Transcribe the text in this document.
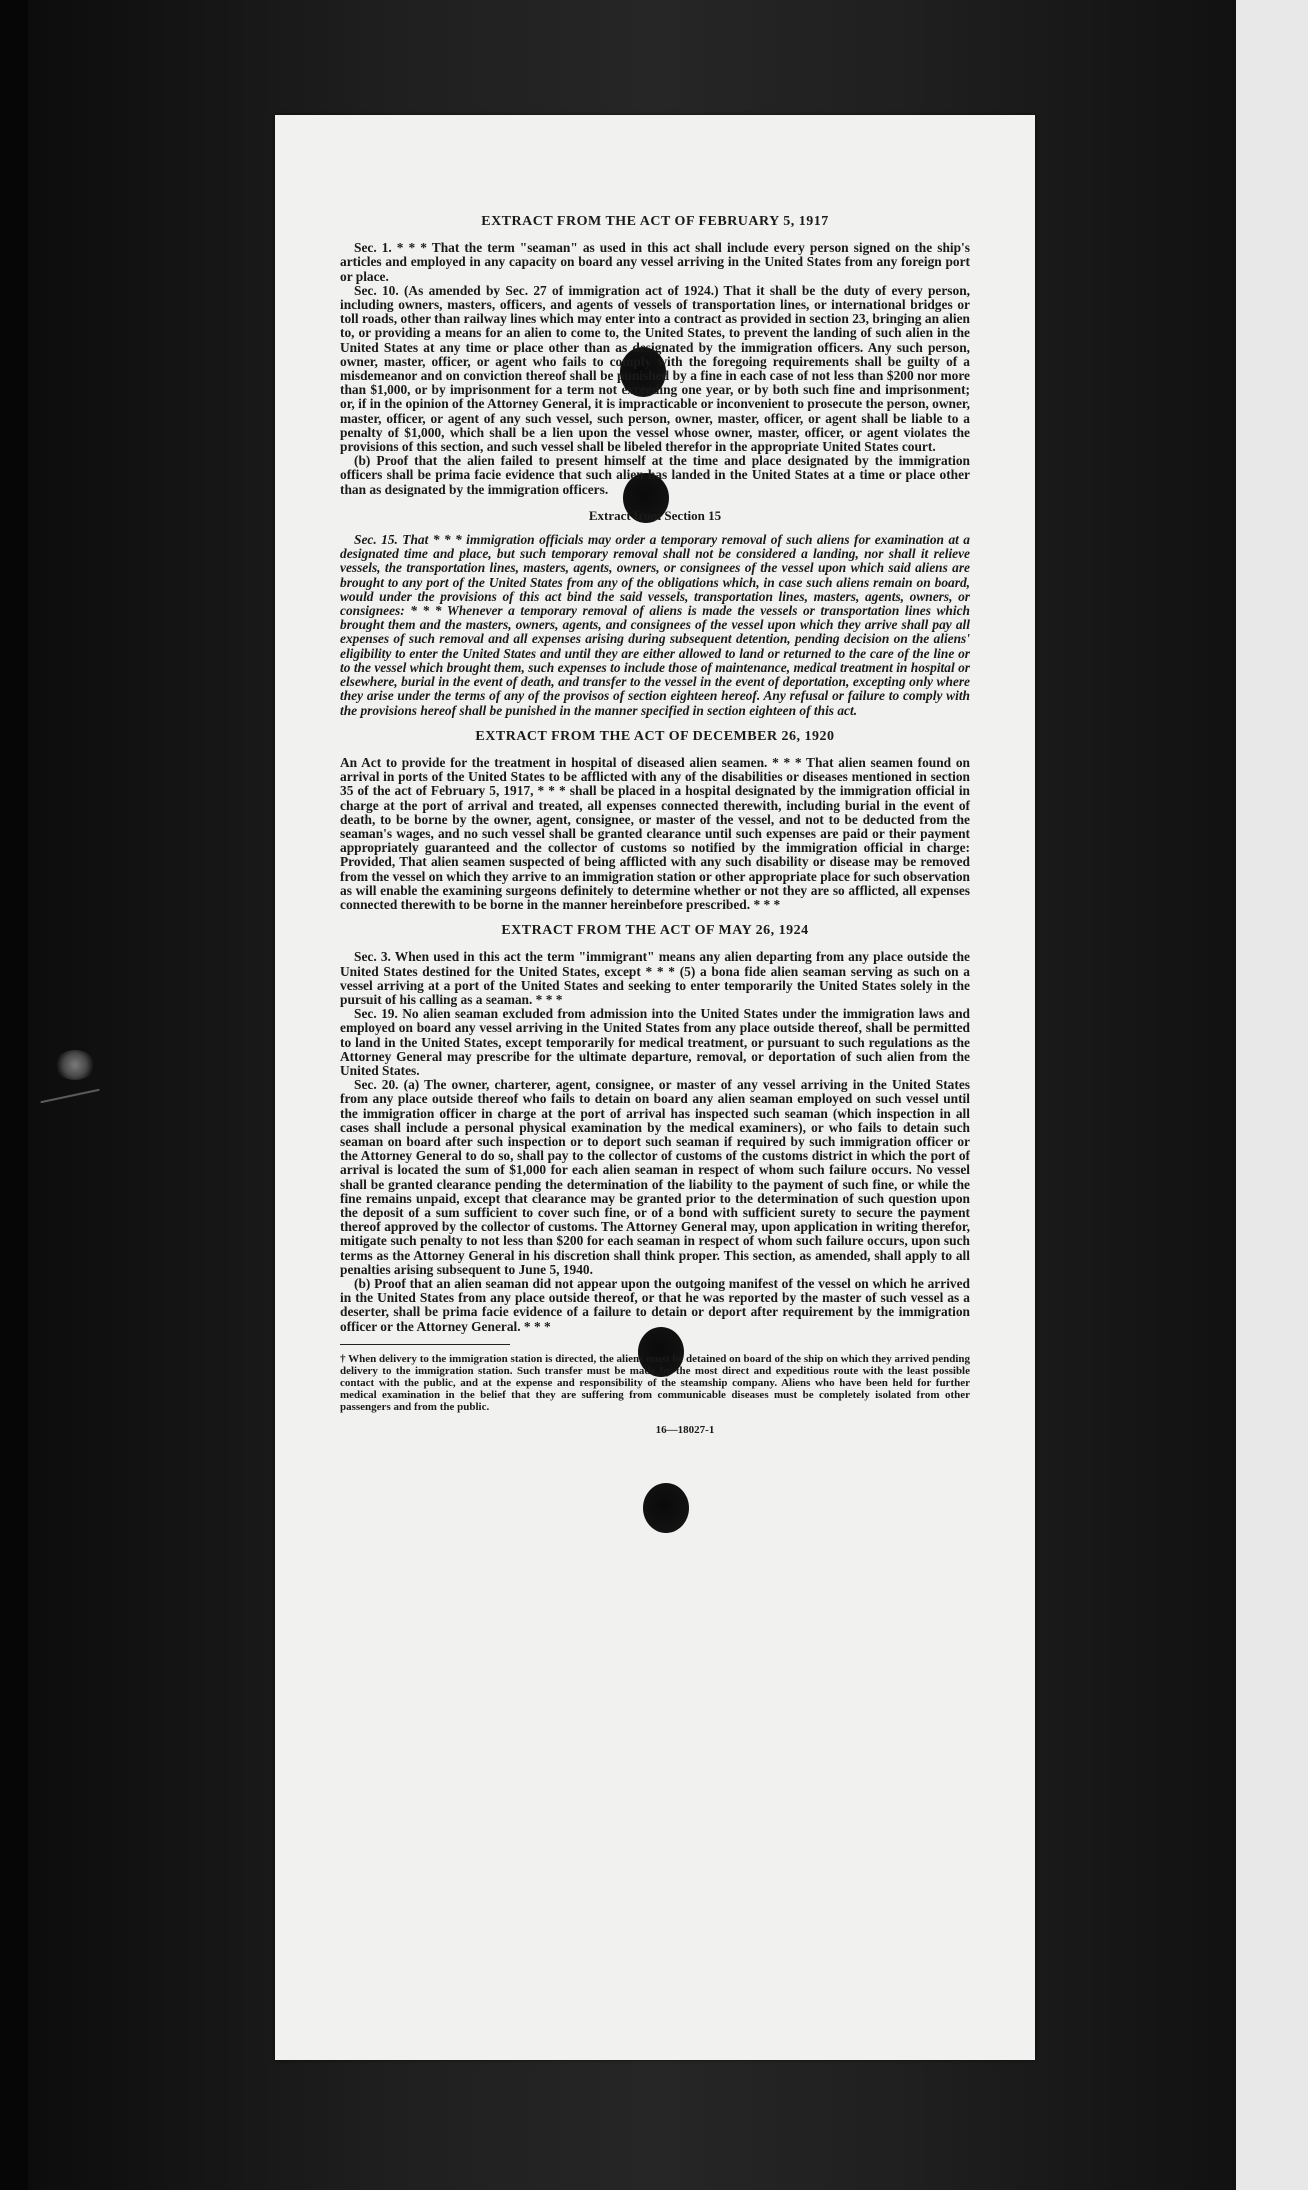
EXTRACT FROM THE ACT OF FEBRUARY 5, 1917

Sec. 1. * * * That the term "seaman" as used in this act shall include every person signed on the ship's articles and employed in any capacity on board any vessel arriving in the United States from any foreign port or place.

Sec. 10. (As amended by Sec. 27 of immigration act of 1924.) That it shall be the duty of every person, including owners, masters, officers, and agents of vessels of transportation lines, or international bridges or toll roads, other than railway lines which may enter into a contract as provided in section 23, bringing an alien to, or providing a means for an alien to come to, the United States, to prevent the landing of such alien in the United States at any time or place other than as designated by the immigration officers. Any such person, owner, master, officer, or agent who fails to comply with the foregoing requirements shall be guilty of a misdemeanor and on conviction thereof shall be punished by a fine in each case of not less than $200 nor more than $1,000, or by imprisonment for a term not exceeding one year, or by both such fine and imprisonment; or, if in the opinion of the Attorney General, it is impracticable or inconvenient to prosecute the person, owner, master, officer, or agent of any such vessel, such person, owner, master, officer, or agent shall be liable to a penalty of $1,000, which shall be a lien upon the vessel whose owner, master, officer, or agent violates the provisions of this section, and such vessel shall be libeled therefor in the appropriate United States court.

(b) Proof that the alien failed to present himself at the time and place designated by the immigration officers shall be prima facie evidence that such alien has landed in the United States at a time or place other than as designated by the immigration officers.

Extract from Section 15

Sec. 15. That * * * immigration officials may order a temporary removal of such aliens for examination at a designated time and place, but such temporary removal shall not be considered a landing, nor shall it relieve vessels, the transportation lines, masters, agents, owners, or consignees of the vessel upon which said aliens are brought to any port of the United States from any of the obligations which, in case such aliens remain on board, would under the provisions of this act bind the said vessels, transportation lines, masters, agents, owners, or consignees: * * * Whenever a temporary removal of aliens is made the vessels or transportation lines which brought them and the masters, owners, agents, and consignees of the vessel upon which they arrive shall pay all expenses of such removal and all expenses arising during subsequent detention, pending decision on the aliens' eligibility to enter the United States and until they are either allowed to land or returned to the care of the line or to the vessel which brought them, such expenses to include those of maintenance, medical treatment in hospital or elsewhere, burial in the event of death, and transfer to the vessel in the event of deportation, excepting only where they arise under the terms of any of the provisos of section eighteen hereof. Any refusal or failure to comply with the provisions hereof shall be punished in the manner specified in section eighteen of this act.

EXTRACT FROM THE ACT OF DECEMBER 26, 1920

An Act to provide for the treatment in hospital of diseased alien seamen. * * * That alien seamen found on arrival in ports of the United States to be afflicted with any of the disabilities or diseases mentioned in section 35 of the act of February 5, 1917, * * * shall be placed in a hospital designated by the immigration official in charge at the port of arrival and treated, all expenses connected therewith, including burial in the event of death, to be borne by the owner, agent, consignee, or master of the vessel, and not to be deducted from the seaman's wages, and no such vessel shall be granted clearance until such expenses are paid or their payment appropriately guaranteed and the collector of customs so notified by the immigration official in charge: Provided, That alien seamen suspected of being afflicted with any such disability or disease may be removed from the vessel on which they arrive to an immigration station or other appropriate place for such observation as will enable the examining surgeons definitely to determine whether or not they are so afflicted, all expenses connected therewith to be borne in the manner hereinbefore prescribed. * * *

EXTRACT FROM THE ACT OF MAY 26, 1924

Sec. 3. When used in this act the term "immigrant" means any alien departing from any place outside the United States destined for the United States, except * * * (5) a bona fide alien seaman serving as such on a vessel arriving at a port of the United States and seeking to enter temporarily the United States solely in the pursuit of his calling as a seaman. * * *

Sec. 19. No alien seaman excluded from admission into the United States under the immigration laws and employed on board any vessel arriving in the United States from any place outside thereof, shall be permitted to land in the United States, except temporarily for medical treatment, or pursuant to such regulations as the Attorney General may prescribe for the ultimate departure, removal, or deportation of such alien from the United States.

Sec. 20. (a) The owner, charterer, agent, consignee, or master of any vessel arriving in the United States from any place outside thereof who fails to detain on board any alien seaman employed on such vessel until the immigration officer in charge at the port of arrival has inspected such seaman (which inspection in all cases shall include a personal physical examination by the medical examiners), or who fails to detain such seaman on board after such inspection or to deport such seaman if required by such immigration officer or the Attorney General to do so, shall pay to the collector of customs of the customs district in which the port of arrival is located the sum of $1,000 for each alien seaman in respect of whom such failure occurs. No vessel shall be granted clearance pending the determination of the liability to the payment of such fine, or while the fine remains unpaid, except that clearance may be granted prior to the determination of such question upon the deposit of a sum sufficient to cover such fine, or of a bond with sufficient surety to secure the payment thereof approved by the collector of customs. The Attorney General may, upon application in writing therefor, mitigate such penalty to not less than $200 for each seaman in respect of whom such failure occurs, upon such terms as the Attorney General in his discretion shall think proper. This section, as amended, shall apply to all penalties arising subsequent to June 5, 1940.

(b) Proof that an alien seaman did not appear upon the outgoing manifest of the vessel on which he arrived in the United States from any place outside thereof, or that he was reported by the master of such vessel as a deserter, shall be prima facie evidence of a failure to detain or deport after requirement by the immigration officer or the Attorney General. * * *

† When delivery to the immigration station is directed, the aliens must be detained on board of the ship on which they arrived pending delivery to the immigration station. Such transfer must be made by the most direct and expeditious route with the least possible contact with the public, and at the expense and responsibility of the steamship company. Aliens who have been held for further medical examination in the belief that they are suffering from communicable diseases must be completely isolated from other passengers and from the public.
16—18027-1
